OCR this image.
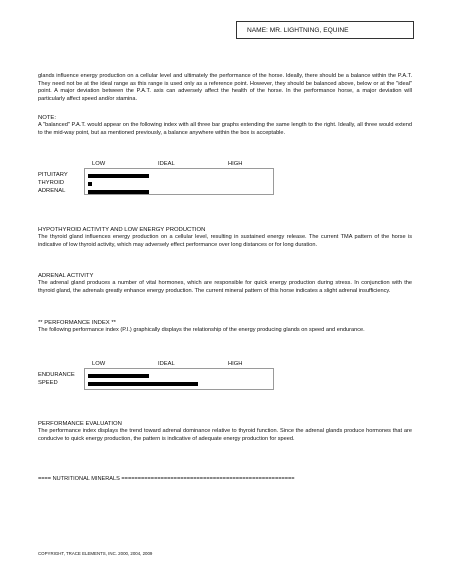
NAME: MR. LIGHTNING, EQUINE
glands influence energy production on a cellular level and ultimately the performance of the horse. Ideally, there should be a balance within the P.A.T. They need not be at the ideal range as this range is used only as a reference point. However, they should be balanced above, below or at the "ideal" point. A major deviation between the P.A.T. axis can adversely affect the health of the horse. In the performance horse, a major deviation will particularly affect speed and/or stamina.
NOTE:
A "balanced" P.A.T. would appear on the following index with all three bar graphs extending the same length to the right. Ideally, all three would extend to the mid-way point, but as mentioned previously, a balance anywhere within the box is acceptable.
LOW	IDEAL	HIGH
PITUITARY
THYROID
ADRENAL
HYPOTHYROID ACTIVITY AND LOW ENERGY PRODUCTION
The thyroid gland influences energy production on a cellular level, resulting in sustained energy release. The current TMA pattern of the horse is indicative of low thyroid activity, which may adversely effect performance over long distances or for long duration.
ADRENAL ACTIVITY
The adrenal gland produces a number of vital hormones, which are responsible for quick energy production during stress. In conjunction with the thyroid gland, the adrenals greatly enhance energy production. The current mineral pattern of this horse indicates a slight adrenal insufficiency.
** PERFORMANCE INDEX **
The following performance index (P.I.) graphically displays the relationship of the energy producing glands on speed and endurance.
LOW	IDEAL	HIGH
ENDURANCE
SPEED
PERFORMANCE EVALUATION
The performance index displays the trend toward adrenal dominance relative to thyroid function. Since the adrenal glands produce hormones that are conducive to quick energy production, the pattern is indicative of adequate energy production for speed.
==== NUTRITIONAL MINERALS =====================================================
COPYRIGHT, TRACE ELEMENTS, INC. 2000, 2004, 2009
